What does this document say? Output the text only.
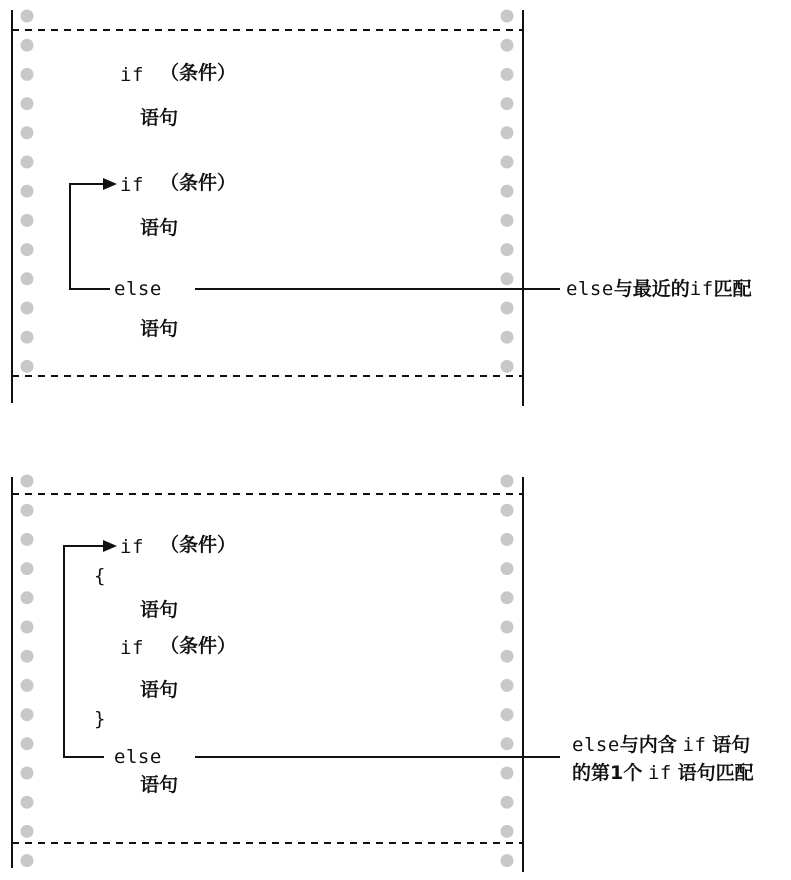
if （条件）
语句
if （条件）
语句
else
语句
else与最近的if匹配
if （条件）
{
语句
if （条件）
语句
}
else
语句
else与内含 if 语句
的第1个 if 语句匹配
